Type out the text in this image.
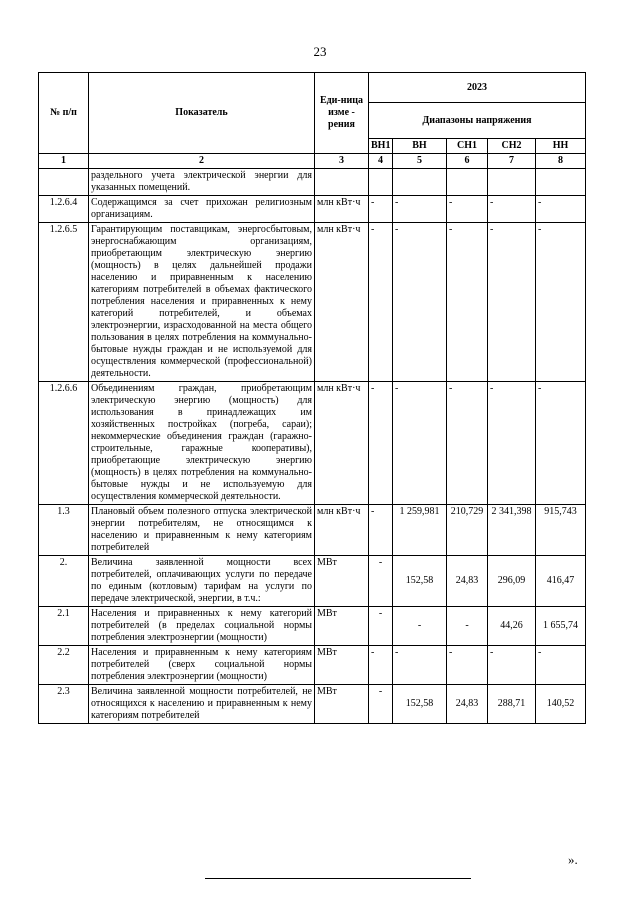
23
№ п/п	Показатель	Еди-ница изме - рения	2023				
			Диапазоны напряжения				
			ВН1	ВН	СН1	СН2	НН
1	2	3	4	5	6	7	8
	раздельного учета электрической энергии для указанных помещений.						
1.2.6.4	Содержащимся за счет прихожан религиозным организациям.	млн кВт·ч	-	-	-	-	-
1.2.6.5	Гарантирующим поставщикам, энергосбытовым, энергоснабжающим организациям, приобретающим электрическую энергию (мощность) в целях дальнейшей продажи населению и приравненным к населению категориям потребителей в объемах фактического потребления населения и приравненных к нему категорий потребителей, и объемах электроэнергии, израсходованной на места общего пользования в целях потребления на коммунально-бытовые нужды граждан и не используемой для осуществления коммерческой (профессиональной) деятельности.	млн кВт·ч	-	-	-	-	-
1.2.6.6	Объединениям граждан, приобретающим электрическую энергию (мощность) для использования в принадлежащих им хозяйственных постройках (погреба, сараи); некоммерческие объединения граждан (гаражно-строительные, гаражные кооперативы), приобретающие электрическую энергию (мощность) в целях потребления на коммунально-бытовые нужды и не используемую для осуществления коммерческой деятельности.	млн кВт·ч	-	-	-	-	-
1.3	Плановый объем полезного отпуска электрической энергии потребителям, не относящимся к населению и приравненным к нему категориям потребителей	млн кВт·ч	-	1 259,981	210,729	2 341,398	915,743
2.	Величина заявленной мощности всех потребителей, оплачивающих услуги по передаче по единым (котловым) тарифам на услуги по передаче электрической, энергии, в т.ч.:	МВт	-	152,58	24,83	296,09	416,47
2.1	Населения и приравненных к нему категорий потребителей (в пределах социальной нормы потребления электроэнергии (мощности)	МВт	-	-	-	44,26	1 655,74
2.2	Населения и приравненным к нему категориям потребителей (сверх социальной нормы потребления электроэнергии (мощности)	МВт	-	-	-	-	-
2.3	Величина заявленной мощности потребителей, не относящихся к населению и приравненным к нему категориям потребителей	МВт	-	152,58	24,83	288,71	140,52
».
